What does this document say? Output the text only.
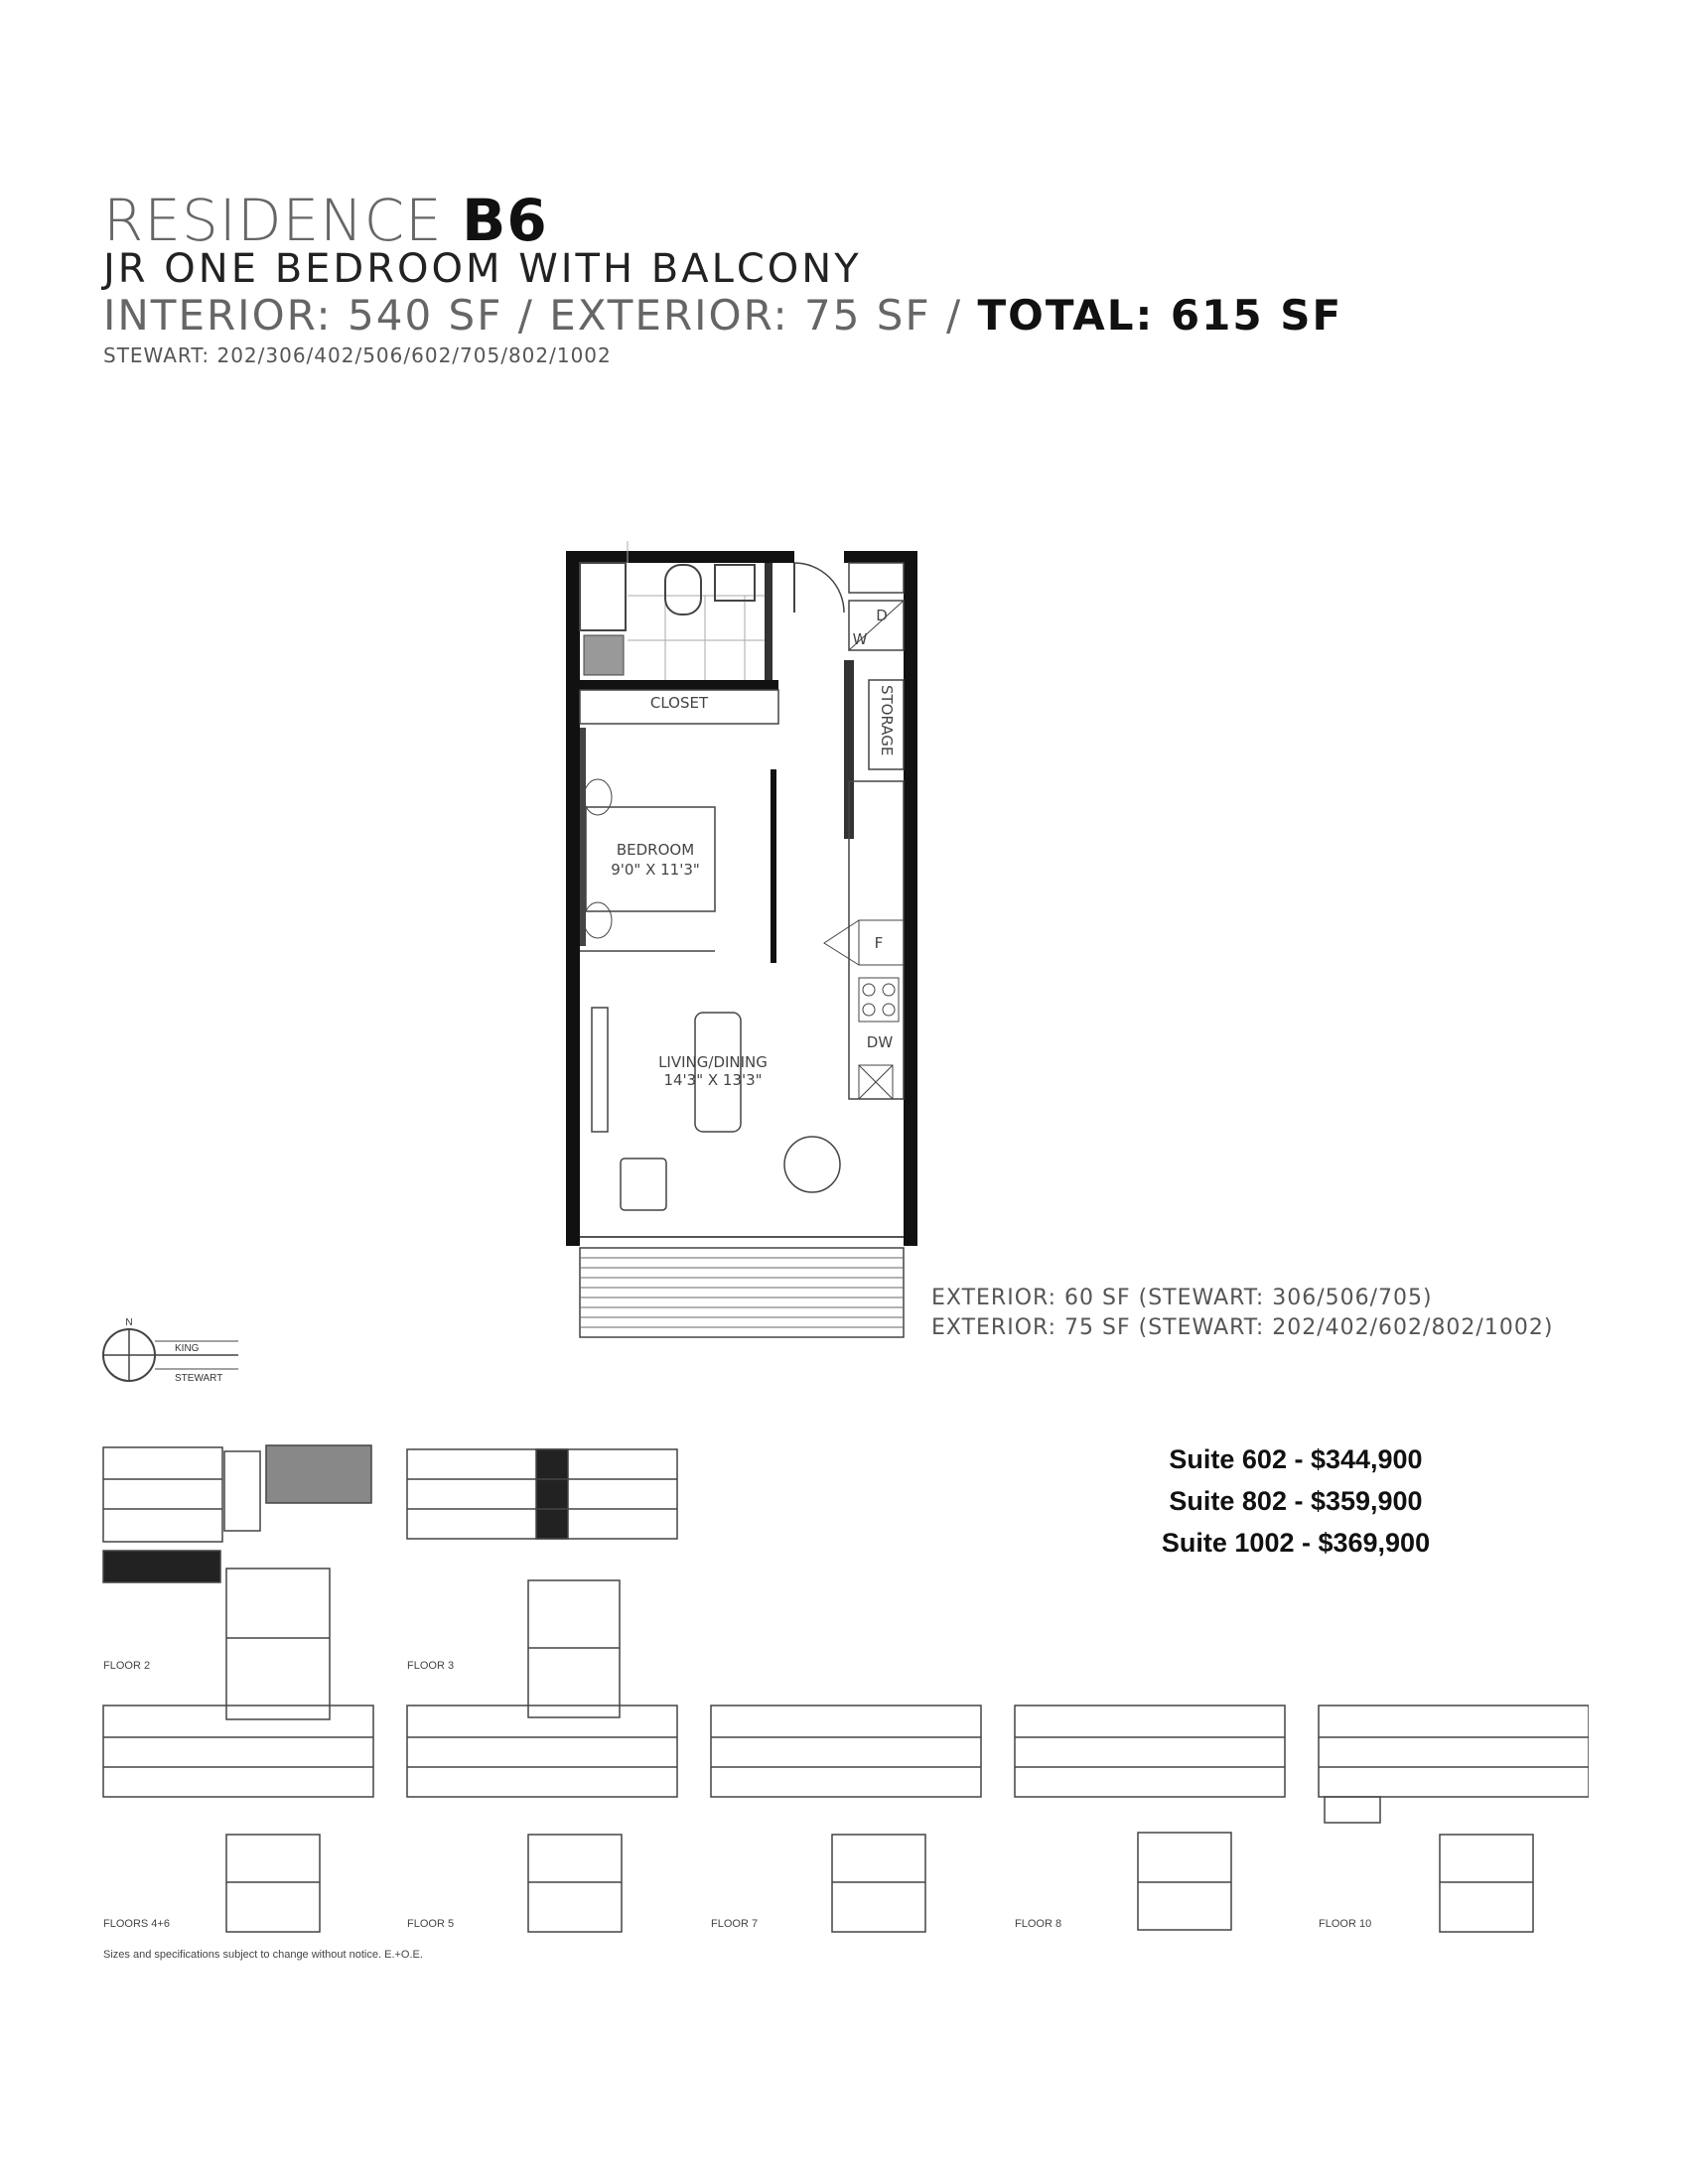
RESIDENCE B6
JR ONE BEDROOM WITH BALCONY
INTERIOR: 540 SF / EXTERIOR: 75 SF / TOTAL: 615 SF
STEWART: 202/306/402/506/602/705/802/1002
CLOSET
D
W
STORAGE
BEDROOM
9'0" X 11'3"
F
DW
LIVING/DINING
14'3" X 13'3"
EXTERIOR: 60 SF (STEWART: 306/506/705)
EXTERIOR: 75 SF (STEWART: 202/402/602/802/1002)
N
KING
STEWART
Suite 602 - $344,900
Suite 802 - $359,900
Suite 1002 - $369,900
FLOOR 2	FLOOR 3
FLOORS 4+6	FLOOR 5	FLOOR 7	FLOOR 8	FLOOR 10
Sizes and specifications subject to change without notice. E.+O.E.
